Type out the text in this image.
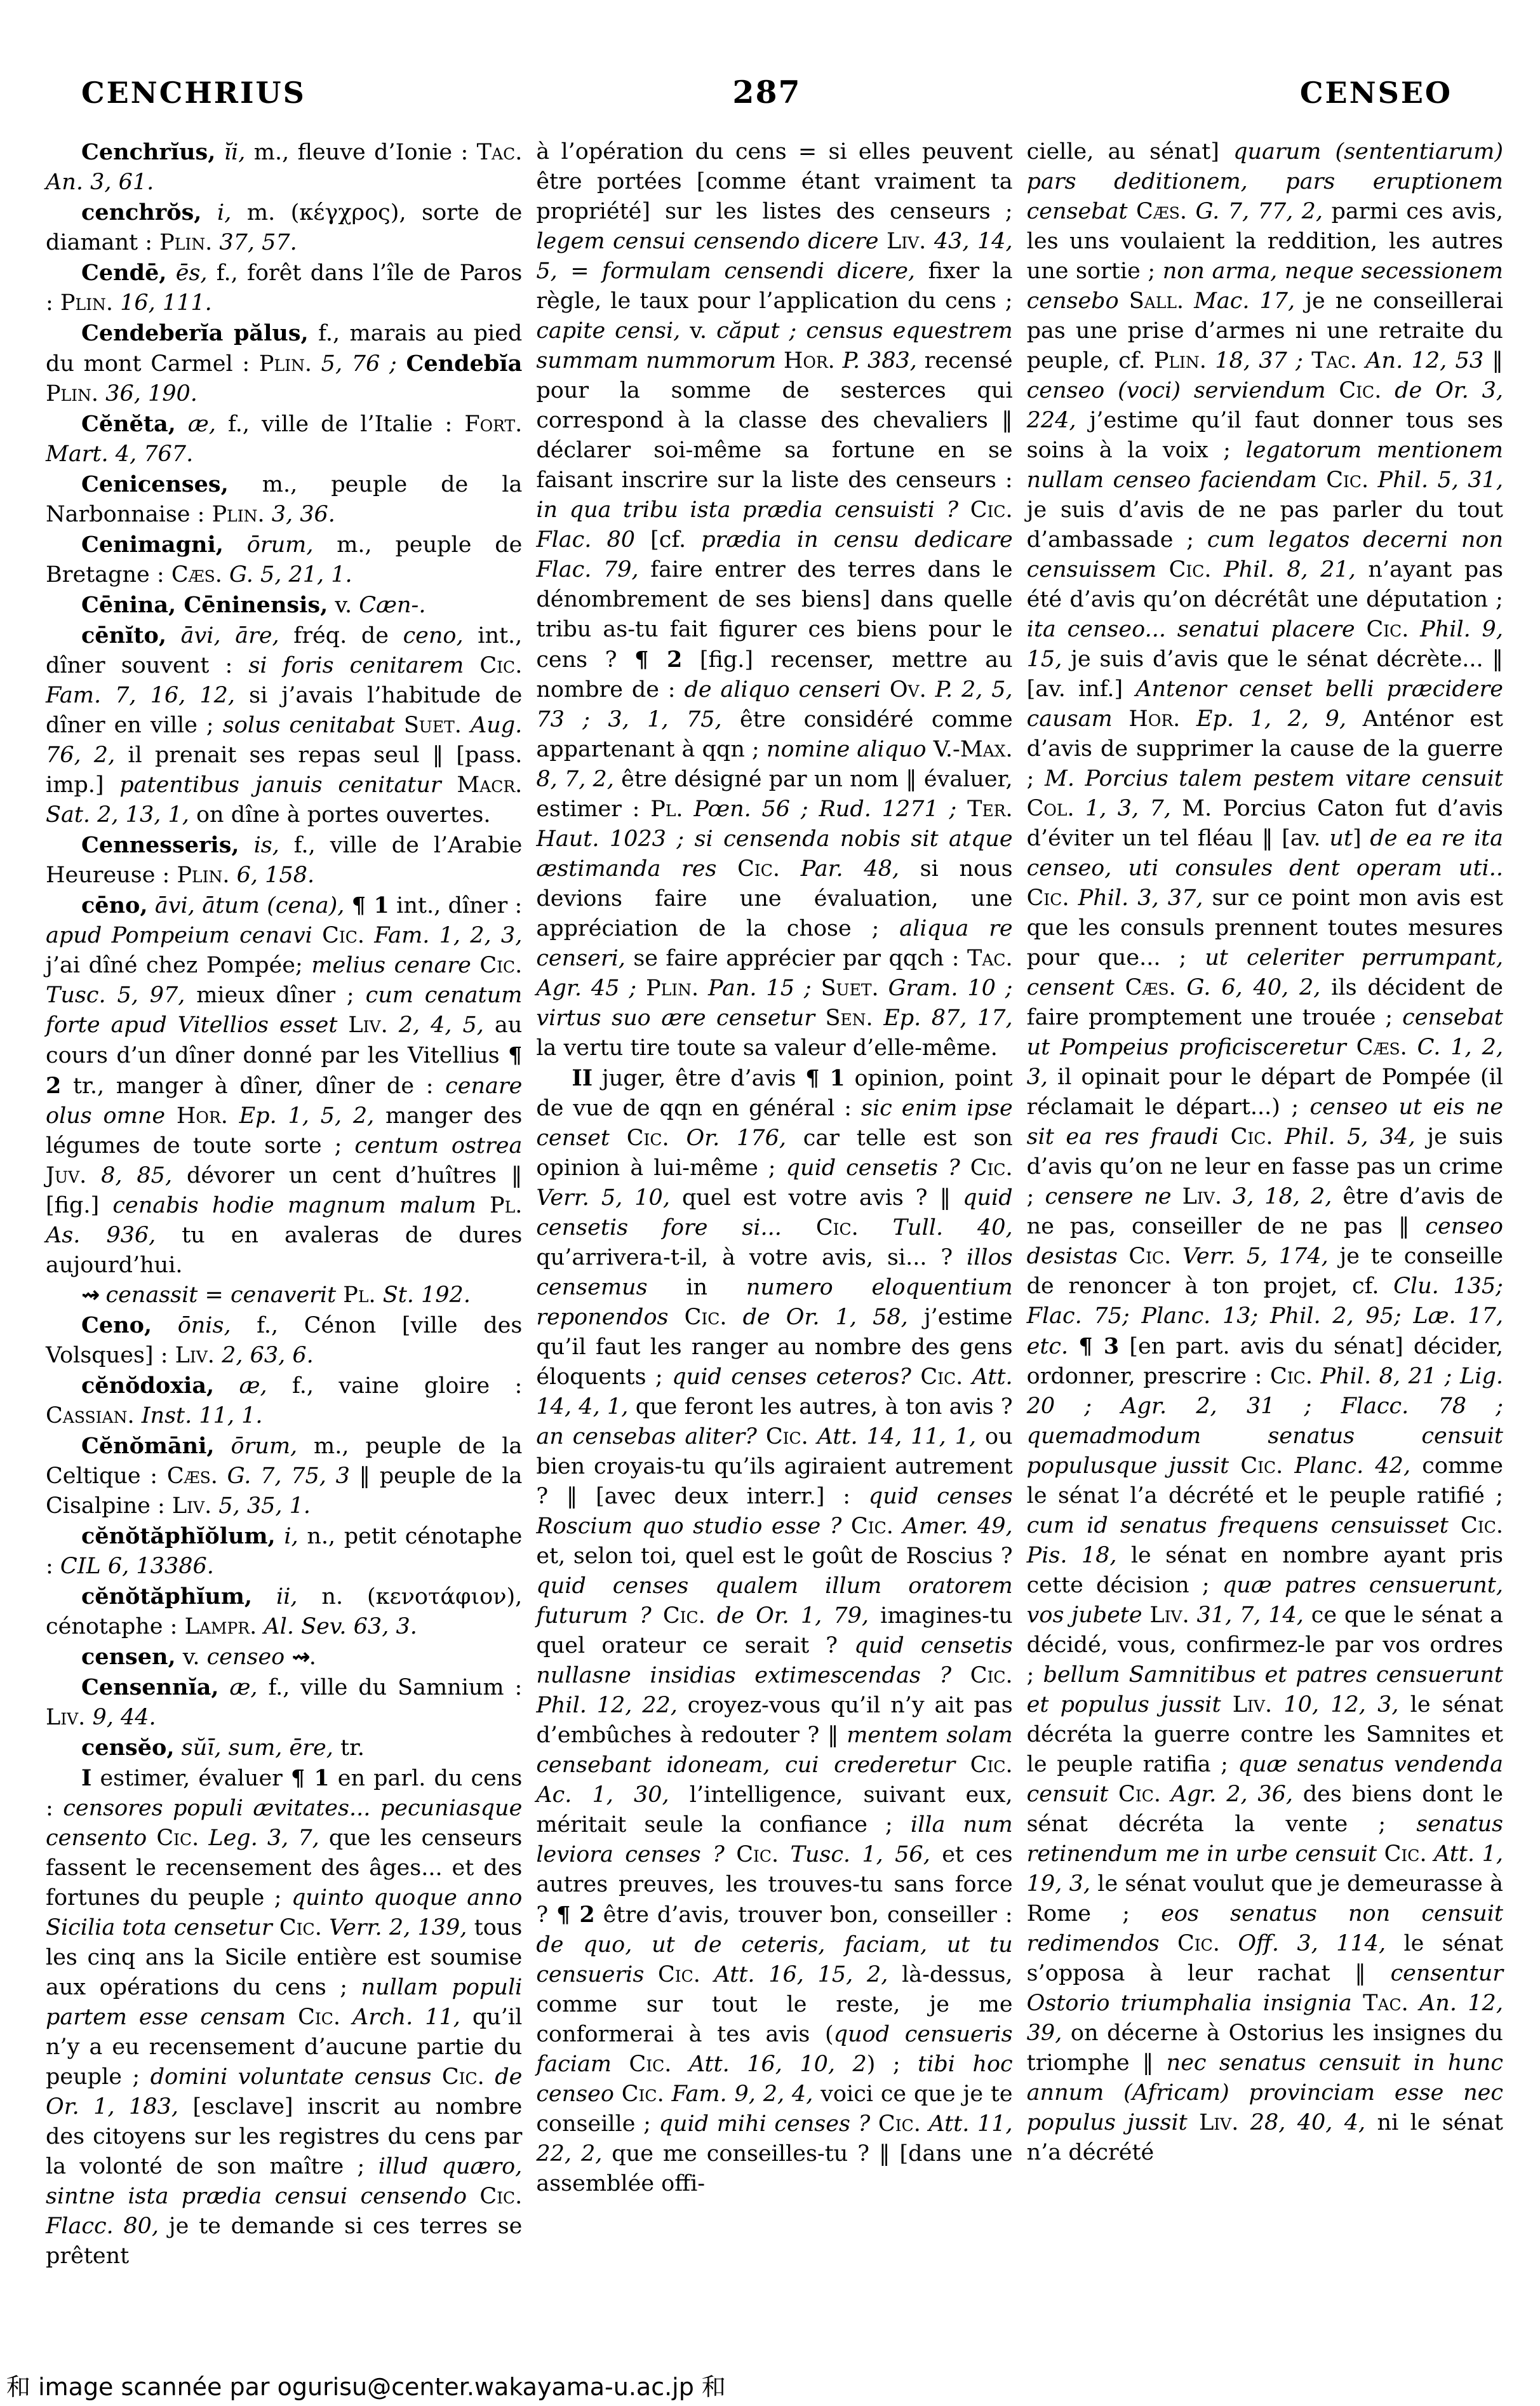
CENCHRIUS	287	CENSEO

Cenchrĭus, ĭi, m., fleuve d’Ionie : Tac. An. 3, 61.

cenchrŏs, i, m. (κέγχρος), sorte de diamant : Plin. 37, 57.

Cendē, ēs, f., forêt dans l’île de Paros : Plin. 16, 111.

Cendeberĭa pălus, f., marais au pied du mont Carmel : Plin. 5, 76 ; Cendebĭa Plin. 36, 190.

Cĕnĕta, æ, f., ville de l’Italie : Fort. Mart. 4, 767.

Cenicenses, m., peuple de la Narbonnaise : Plin. 3, 36.

Cenimagni, ōrum, m., peuple de Bretagne : Cæs. G. 5, 21, 1.

Cēnina, Cēninensis, v. Cæn-.

cēnĭto, āvi, āre, fréq. de ceno, int., dîner souvent : si foris cenitarem Cic. Fam. 7, 16, 12, si j’avais l’habitude de dîner en ville ; solus cenitabat Suet. Aug. 76, 2, il prenait ses repas seul ‖ [pass. imp.] patentibus januis cenitatur Macr. Sat. 2, 13, 1, on dîne à portes ouvertes.

Cennesseris, is, f., ville de l’Arabie Heureuse : Plin. 6, 158.

cēno, āvi, ātum (cena), ¶ 1 int., dîner : apud Pompeium cenavi Cic. Fam. 1, 2, 3, j’ai dîné chez Pompée; melius cenare Cic. Tusc. 5, 97, mieux dîner ; cum cenatum forte apud Vitellios esset Liv. 2, 4, 5, au cours d’un dîner donné par les Vitellius ¶ 2 tr., manger à dîner, dîner de : cenare olus omne Hor. Ep. 1, 5, 2, manger des légumes de toute sorte ; centum ostrea Juv. 8, 85, dévorer un cent d’huîtres ‖ [fig.] cenabis hodie magnum malum Pl. As. 936, tu en avaleras de dures aujourd’hui.

⇝ cenassit = cenaverit Pl. St. 192.

Ceno, ōnis, f., Cénon [ville des Volsques] : Liv. 2, 63, 6.

cĕnŏdoxia, æ, f., vaine gloire : Cassian. Inst. 11, 1.

Cĕnŏmāni, ōrum, m., peuple de la Celtique : Cæs. G. 7, 75, 3 ‖ peuple de la Cisalpine : Liv. 5, 35, 1.

cĕnŏtăphĭŏlum, i, n., petit cénotaphe : CIL 6, 13386.

cĕnŏtăphĭum, ii, n. (κενοτάφιον), cénotaphe : Lampr. Al. Sev. 63, 3.

censen, v. censeo ⇝.

Censennĭa, æ, f., ville du Samnium : Liv. 9, 44.

censĕo, sŭī, sum, ēre, tr.

I estimer, évaluer ¶ 1 en parl. du cens : censores populi ævitates... pecuniasque censento Cic. Leg. 3, 7, que les censeurs fassent le recensement des âges... et des fortunes du peuple ; quinto quoque anno Sicilia tota censetur Cic. Verr. 2, 139, tous les cinq ans la Sicile entière est soumise aux opérations du cens ; nullam populi partem esse censam Cic. Arch. 11, qu’il n’y a eu recensement d’aucune partie du peuple ; domini voluntate census Cic. de Or. 1, 183, [esclave] inscrit au nombre des citoyens sur les registres du cens par la volonté de son maître ; illud quæro, sintne ista prædia censui censendo Cic. Flacc. 80, je te demande si ces terres se prêtent

à l’opération du cens = si elles peuvent être portées [comme étant vraiment ta propriété] sur les listes des censeurs ; legem censui censendo dicere Liv. 43, 14, 5, = formulam censendi dicere, fixer la règle, le taux pour l’application du cens ; capite censi, v. căput ; census equestrem summam nummorum Hor. P. 383, recensé pour la somme de sesterces qui correspond à la classe des chevaliers ‖ déclarer soi-même sa fortune en se faisant inscrire sur la liste des censeurs : in qua tribu ista prædia censuisti ? Cic. Flac. 80 [cf. prædia in censu dedicare Flac. 79, faire entrer des terres dans le dénombrement de ses biens] dans quelle tribu as-tu fait figurer ces biens pour le cens ? ¶ 2 [fig.] recenser, mettre au nombre de : de aliquo censeri Ov. P. 2, 5, 73 ; 3, 1, 75, être considéré comme appartenant à qqn ; nomine aliquo V.-Max. 8, 7, 2, être désigné par un nom ‖ évaluer, estimer : Pl. Pœn. 56 ; Rud. 1271 ; Ter. Haut. 1023 ; si censenda nobis sit atque æstimanda res Cic. Par. 48, si nous devions faire une évaluation, une appréciation de la chose ; aliqua re censeri, se faire apprécier par qqch : Tac. Agr. 45 ; Plin. Pan. 15 ; Suet. Gram. 10 ; virtus suo ære censetur Sen. Ep. 87, 17, la vertu tire toute sa valeur d’elle-même.

II juger, être d’avis ¶ 1 opinion, point de vue de qqn en général : sic enim ipse censet Cic. Or. 176, car telle est son opinion à lui-même ; quid censetis ? Cic. Verr. 5, 10, quel est votre avis ? ‖ quid censetis fore si... Cic. Tull. 40, qu’arrivera-t-il, à votre avis, si... ? illos censemus in numero eloquentium reponendos Cic. de Or. 1, 58, j’estime qu’il faut les ranger au nombre des gens éloquents ; quid censes ceteros? Cic. Att. 14, 4, 1, que feront les autres, à ton avis ? an censebas aliter? Cic. Att. 14, 11, 1, ou bien croyais-tu qu’ils agiraient autrement ? ‖ [avec deux interr.] : quid censes Roscium quo studio esse ? Cic. Amer. 49, et, selon toi, quel est le goût de Roscius ? quid censes qualem illum oratorem futurum ? Cic. de Or. 1, 79, imagines-tu quel orateur ce serait ? quid censetis nullasne insidias extimescendas ? Cic. Phil. 12, 22, croyez-vous qu’il n’y ait pas d’embûches à redouter ? ‖ mentem solam censebant idoneam, cui crederetur Cic. Ac. 1, 30, l’intelligence, suivant eux, méritait seule la confiance ; illa num leviora censes ? Cic. Tusc. 1, 56, et ces autres preuves, les trouves-tu sans force ? ¶ 2 être d’avis, trouver bon, conseiller : de quo, ut de ceteris, faciam, ut tu censueris Cic. Att. 16, 15, 2, là-dessus, comme sur tout le reste, je me conformerai à tes avis (quod censueris faciam Cic. Att. 16, 10, 2) ; tibi hoc censeo Cic. Fam. 9, 2, 4, voici ce que je te conseille ; quid mihi censes ? Cic. Att. 11, 22, 2, que me conseilles-tu ? ‖ [dans une assemblée offi-

cielle, au sénat] quarum (sententiarum) pars deditionem, pars eruptionem censebat Cæs. G. 7, 77, 2, parmi ces avis, les uns voulaient la reddition, les autres une sortie ; non arma, neque secessionem censebo Sall. Mac. 17, je ne conseillerai pas une prise d’armes ni une retraite du peuple, cf. Plin. 18, 37 ; Tac. An. 12, 53 ‖ censeo (voci) serviendum Cic. de Or. 3, 224, j’estime qu’il faut donner tous ses soins à la voix ; legatorum mentionem nullam censeo faciendam Cic. Phil. 5, 31, je suis d’avis de ne pas parler du tout d’ambassade ; cum legatos decerni non censuissem Cic. Phil. 8, 21, n’ayant pas été d’avis qu’on décrétât une députation ; ita censeo... senatui placere Cic. Phil. 9, 15, je suis d’avis que le sénat décrète... ‖ [av. inf.] Antenor censet belli præcidere causam Hor. Ep. 1, 2, 9, Anténor est d’avis de supprimer la cause de la guerre ; M. Porcius talem pestem vitare censuit Col. 1, 3, 7, M. Porcius Caton fut d’avis d’éviter un tel fléau ‖ [av. ut] de ea re ita censeo, uti consules dent operam uti.. Cic. Phil. 3, 37, sur ce point mon avis est que les consuls prennent toutes mesures pour que... ; ut celeriter perrumpant, censent Cæs. G. 6, 40, 2, ils décident de faire promptement une trouée ; censebat ut Pompeius proficisceretur Cæs. C. 1, 2, 3, il opinait pour le départ de Pompée (il réclamait le départ...) ; censeo ut eis ne sit ea res fraudi Cic. Phil. 5, 34, je suis d’avis qu’on ne leur en fasse pas un crime ; censere ne Liv. 3, 18, 2, être d’avis de ne pas, conseiller de ne pas ‖ censeo desistas Cic. Verr. 5, 174, je te conseille de renoncer à ton projet, cf. Clu. 135; Flac. 75; Planc. 13; Phil. 2, 95; Læ. 17, etc. ¶ 3 [en part. avis du sénat] décider, ordonner, prescrire : Cic. Phil. 8, 21 ; Lig. 20 ; Agr. 2, 31 ; Flacc. 78 ; quemadmodum senatus censuit populusque jussit Cic. Planc. 42, comme le sénat l’a décrété et le peuple ratifié ; cum id senatus frequens censuisset Cic. Pis. 18, le sénat en nombre ayant pris cette décision ; quæ patres censuerunt, vos jubete Liv. 31, 7, 14, ce que le sénat a décidé, vous, confirmez-le par vos ordres ; bellum Samnitibus et patres censuerunt et populus jussit Liv. 10, 12, 3, le sénat décréta la guerre contre les Samnites et le peuple ratifia ; quæ senatus vendenda censuit Cic. Agr. 2, 36, des biens dont le sénat décréta la vente ; senatus retinendum me in urbe censuit Cic. Att. 1, 19, 3, le sénat voulut que je demeurasse à Rome ; eos senatus non censuit redimendos Cic. Off. 3, 114, le sénat s’opposa à leur rachat ‖ censentur Ostorio triumphalia insignia Tac. An. 12, 39, on décerne à Ostorius les insignes du triomphe ‖ nec senatus censuit in hunc annum (Africam) provinciam esse nec populus jussit Liv. 28, 40, 4, ni le sénat n’a décrété

和 image scannée par ogurisu@center.wakayama-u.ac.jp 和
